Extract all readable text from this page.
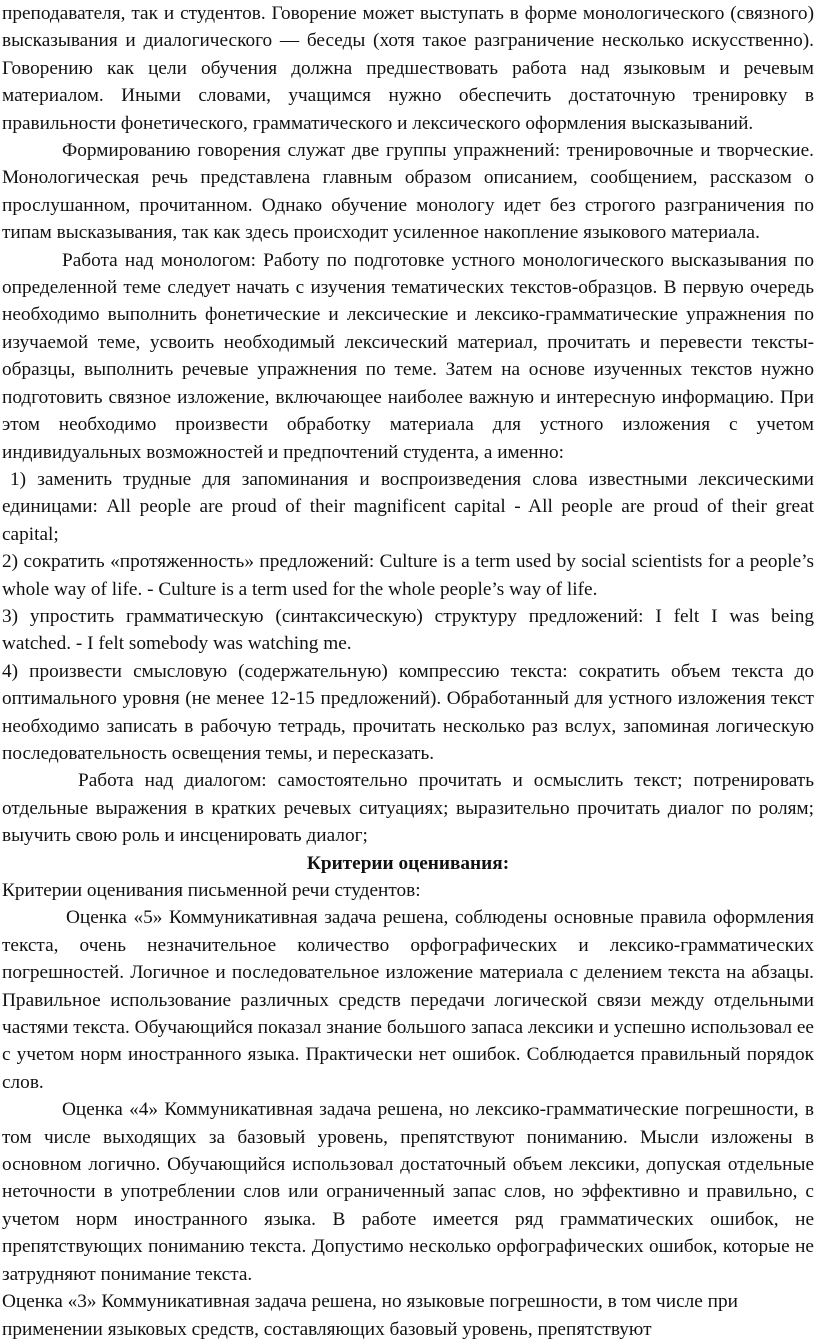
преподавателя, так и студентов. Говорение может выступать в форме монологического (связного) высказывания и диалогического — беседы (хотя такое разграничение несколько искусственно). Говорению как цели обучения должна предшествовать работа над языковым и речевым материалом. Иными словами, учащимся нужно обеспечить достаточную тренировку в правильности фонетического, грамматического и лексического оформления высказываний.

Формированию говорения служат две группы упражнений: тренировочные и творческие. Монологическая речь представлена главным образом описанием, сообщением, рассказом о прослушанном, прочитанном. Однако обучение монологу идет без строгого разграничения по типам высказывания, так как здесь происходит усиленное накопление языкового материала.

Работа над монологом: Работу по подготовке устного монологического высказывания по определенной теме следует начать с изучения тематических текстов-образцов. В первую очередь необходимо выполнить фонетические и лексические и лексико-грамматические упражнения по изучаемой теме, усвоить необходимый лексический материал, прочитать и перевести тексты-образцы, выполнить речевые упражнения по теме. Затем на основе изученных текстов нужно подготовить связное изложение, включающее наиболее важную и интересную информацию. При этом необходимо произвести обработку материала для устного изложения с учетом индивидуальных возможностей и предпочтений студента, а именно:

1) заменить трудные для запоминания и воспроизведения слова известными лексическими единицами: All people are proud of their magnificent capital - All people are proud of their great capital;

2) сократить «протяженность» предложений: Culture is a term used by social scientists for a people’s whole way of life. - Culture is a term used for the whole people’s way of life.

3) упростить грамматическую (синтаксическую) структуру предложений: I felt I was being watched. - I felt somebody was watching me.

4) произвести смысловую (содержательную) компрессию текста: сократить объем текста до оптимального уровня (не менее 12-15 предложений). Обработанный для устного изложения текст необходимо записать в рабочую тетрадь, прочитать несколько раз вслух, запоминая логическую последовательность освещения темы, и пересказать.

Работа над диалогом: самостоятельно прочитать и осмыслить текст; потренировать отдельные выражения в кратких речевых ситуациях; выразительно прочитать диалог по ролям; выучить свою роль и инсценировать диалог;

Критерии оценивания:

Критерии оценивания письменной речи студентов:

Оценка «5» Коммуникативная задача решена, соблюдены основные правила оформления текста, очень незначительное количество орфографических и лексико-грамматических погрешностей. Логичное и последовательное изложение материала с делением текста на абзацы. Правильное использование различных средств передачи логической связи между отдельными частями текста. Обучающийся показал знание большого запаса лексики и успешно использовал ее с учетом норм иностранного языка. Практически нет ошибок. Соблюдается правильный порядок слов.

Оценка «4» Коммуникативная задача решена, но лексико-грамматические погрешности, в том числе выходящих за базовый уровень, препятствуют пониманию. Мысли изложены в основном логично. Обучающийся использовал достаточный объем лексики, допуская отдельные неточности в употреблении слов или ограниченный запас слов, но эффективно и правильно, с учетом норм иностранного языка. В работе имеется ряд грамматических ошибок, не препятствующих пониманию текста. Допустимо несколько орфографических ошибок, которые не затрудняют понимание текста.

Оценка «3» Коммуникативная задача решена, но языковые погрешности, в том числе при применении языковых средств, составляющих базовый уровень, препятствуют
